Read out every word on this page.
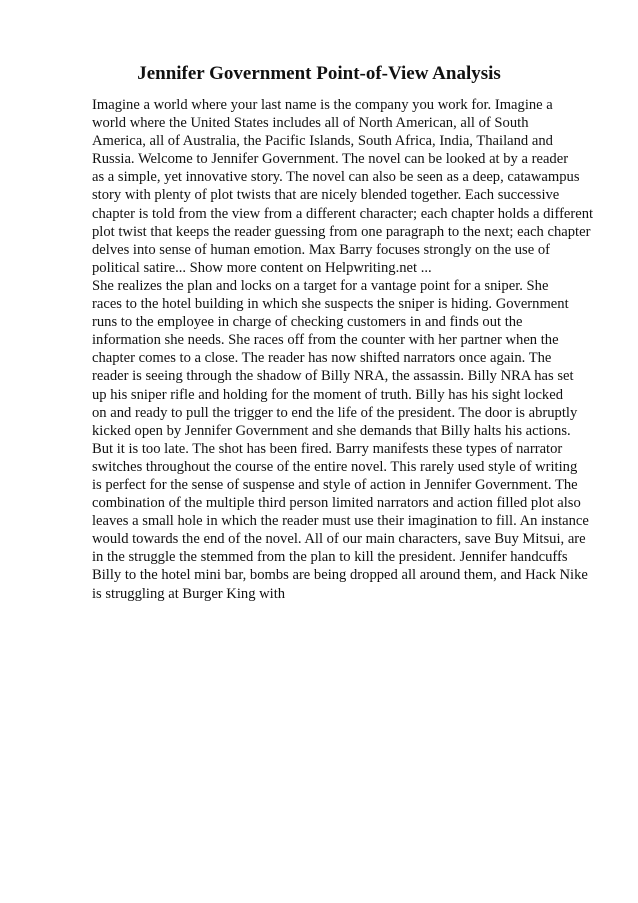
Jennifer Government Point-of-View Analysis
Imagine a world where your last name is the company you work for. Imagine a
world where the United States includes all of North American, all of South
America, all of Australia, the Pacific Islands, South Africa, India, Thailand and
Russia. Welcome to Jennifer Government. The novel can be looked at by a reader
as a simple, yet innovative story. The novel can also be seen as a deep, catawampus
story with plenty of plot twists that are nicely blended together. Each successive
chapter is told from the view from a different character; each chapter holds a different
plot twist that keeps the reader guessing from one paragraph to the next; each chapter
delves into sense of human emotion. Max Barry focuses strongly on the use of
political satire... Show more content on Helpwriting.net ...
She realizes the plan and locks on a target for a vantage point for a sniper. She
races to the hotel building in which she suspects the sniper is hiding. Government
runs to the employee in charge of checking customers in and finds out the
information she needs. She races off from the counter with her partner when the
chapter comes to a close. The reader has now shifted narrators once again. The
reader is seeing through the shadow of Billy NRA, the assassin. Billy NRA has set
up his sniper rifle and holding for the moment of truth. Billy has his sight locked
on and ready to pull the trigger to end the life of the president. The door is abruptly
kicked open by Jennifer Government and she demands that Billy halts his actions.
But it is too late. The shot has been fired. Barry manifests these types of narrator
switches throughout the course of the entire novel. This rarely used style of writing
is perfect for the sense of suspense and style of action in Jennifer Government. The
combination of the multiple third person limited narrators and action filled plot also
leaves a small hole in which the reader must use their imagination to fill. An instance
would towards the end of the novel. All of our main characters, save Buy Mitsui, are
in the struggle the stemmed from the plan to kill the president. Jennifer handcuffs
Billy to the hotel mini bar, bombs are being dropped all around them, and Hack Nike
is struggling at Burger King with
